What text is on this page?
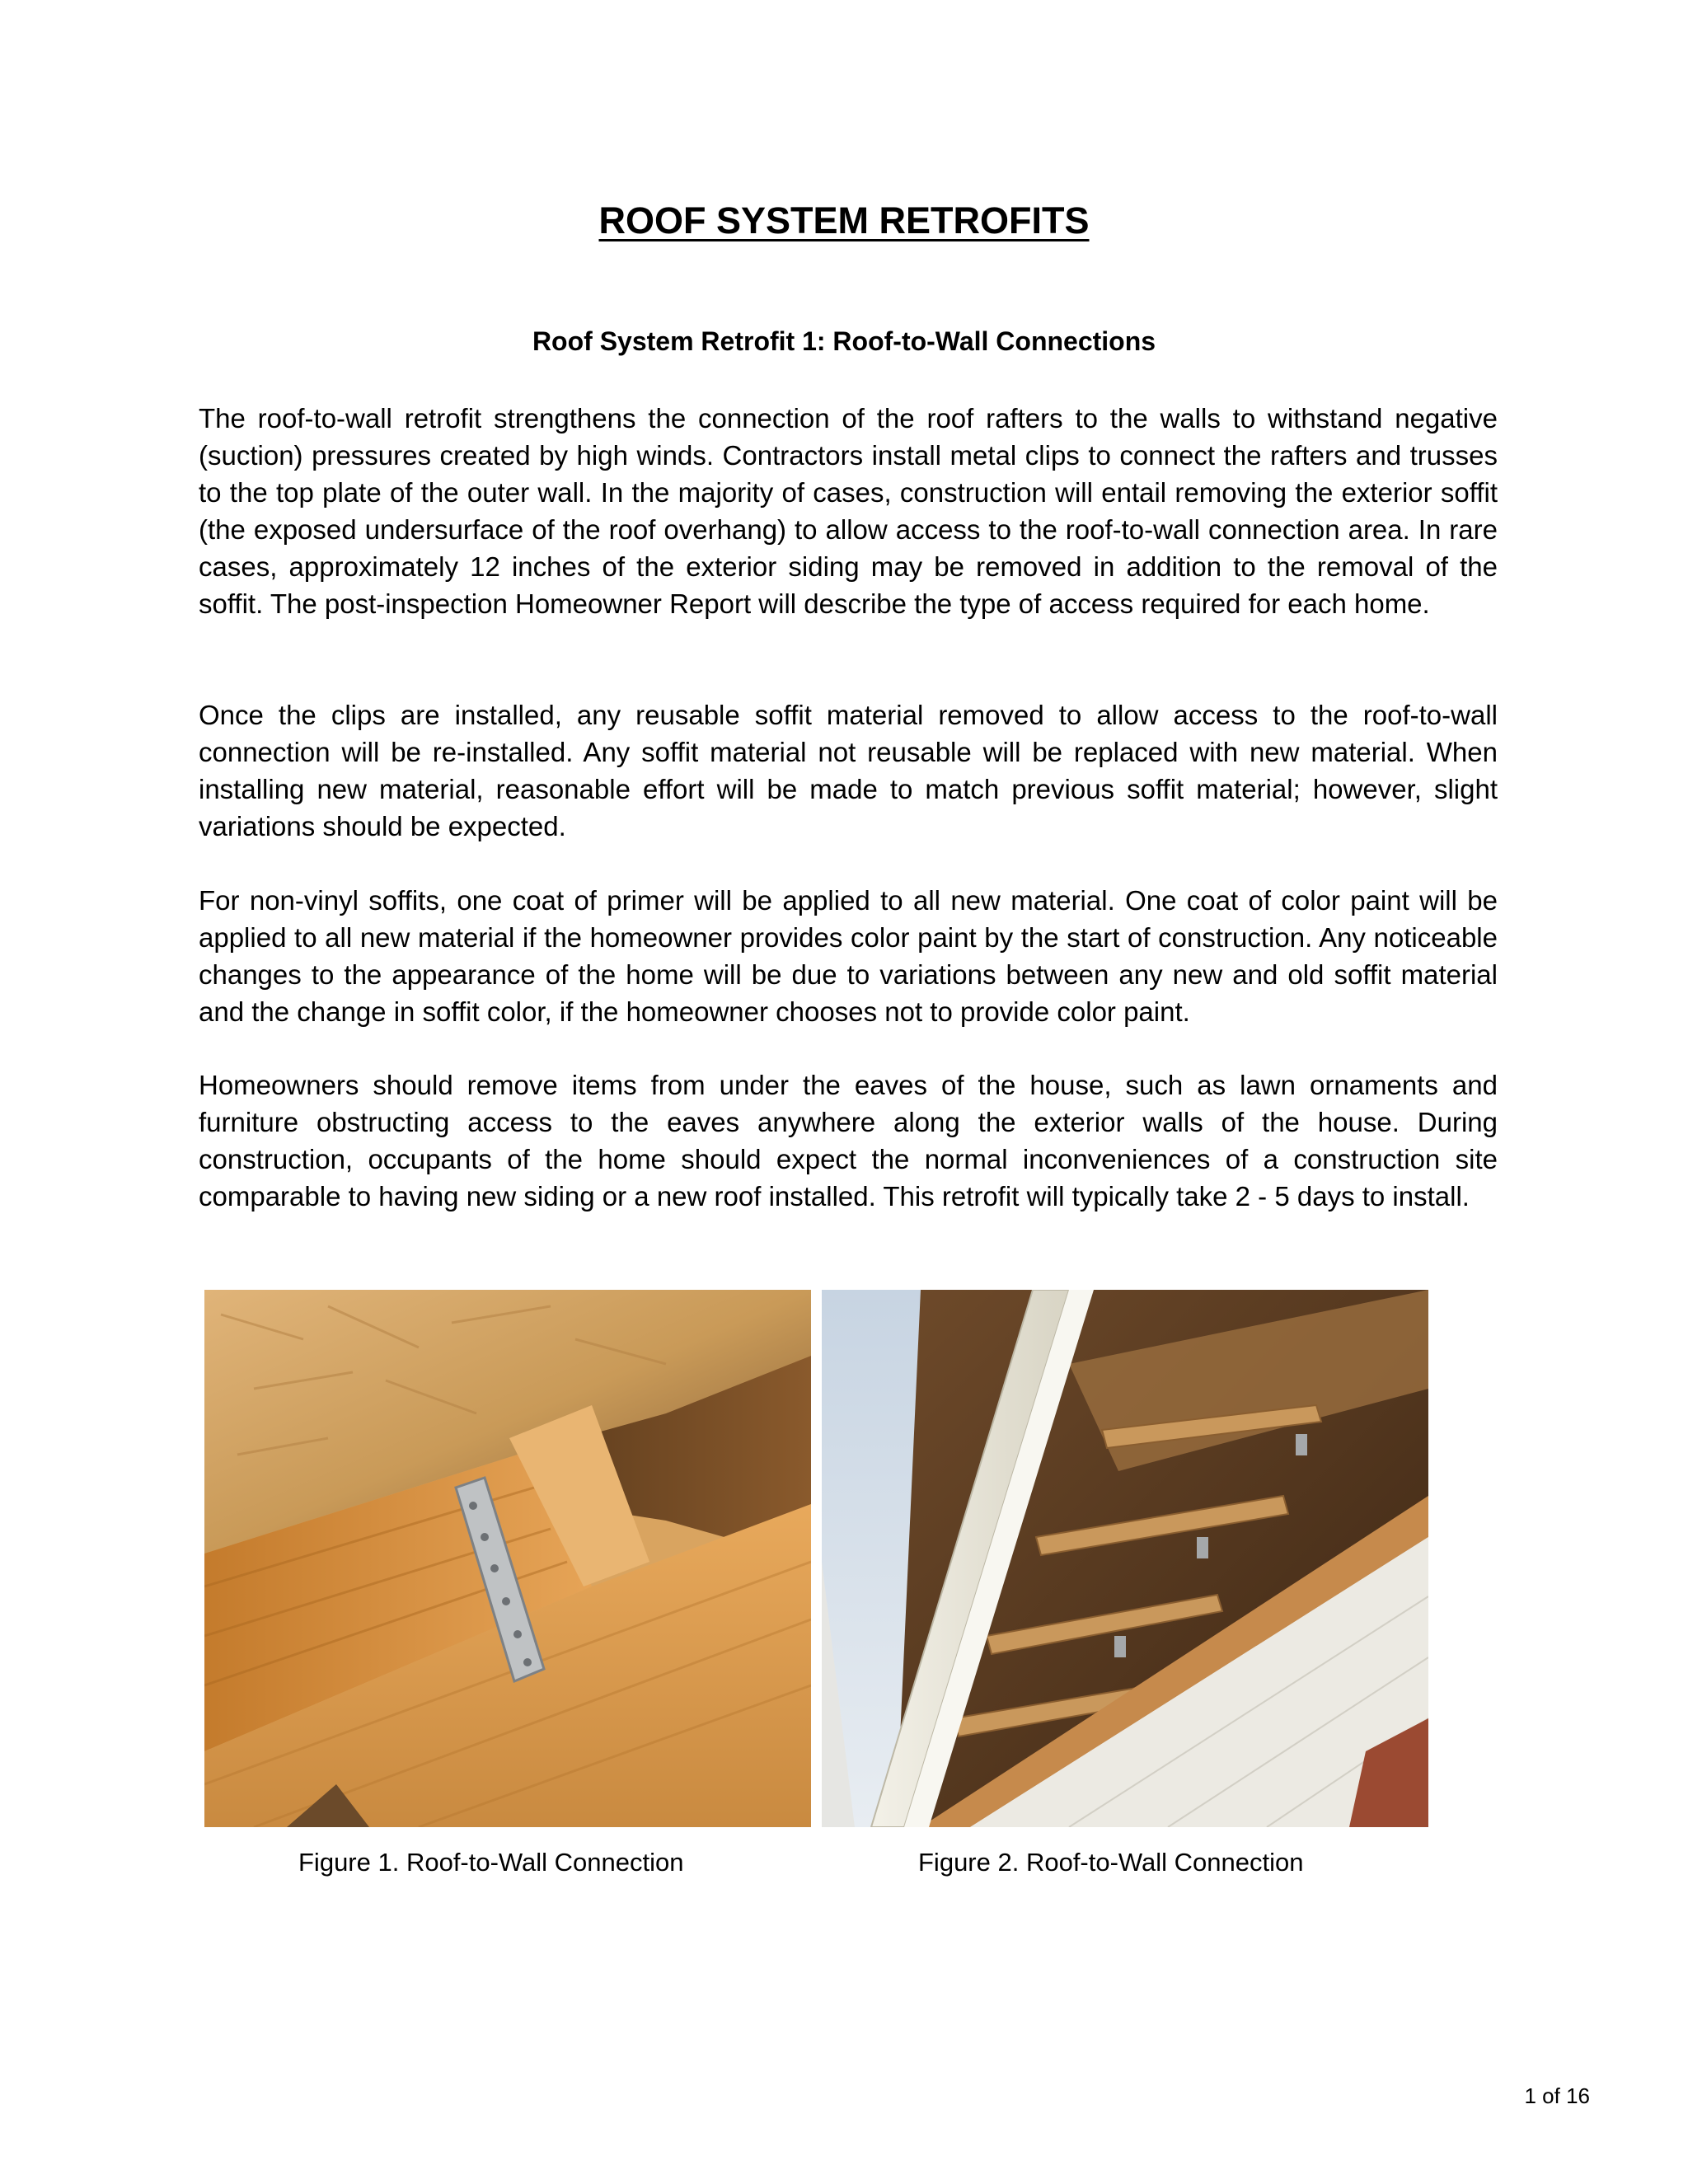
ROOF SYSTEM RETROFITS
Roof System Retrofit 1: Roof-to-Wall Connections

The roof-to-wall retrofit strengthens the connection of the roof rafters to the walls to withstand negative (suction) pressures created by high winds. Contractors install metal clips to connect the rafters and trusses to the top plate of the outer wall. In the majority of cases, construction will entail removing the exterior soffit (the exposed undersurface of the roof overhang) to allow access to the roof-to-wall connection area. In rare cases, approximately 12 inches of the exterior siding may be removed in addition to the removal of the soffit. The post-inspection Homeowner Report will describe the type of access required for each home.

Once the clips are installed, any reusable soffit material removed to allow access to the roof-to-wall connection will be re-installed. Any soffit material not reusable will be replaced with new material. When installing new material, reasonable effort will be made to match previous soffit material; however, slight variations should be expected.

For non-vinyl soffits, one coat of primer will be applied to all new material. One coat of color paint will be applied to all new material if the homeowner provides color paint by the start of construction. Any noticeable changes to the appearance of the home will be due to variations between any new and old soffit material and the change in soffit color, if the homeowner chooses not to provide color paint.

Homeowners should remove items from under the eaves of the house, such as lawn ornaments and furniture obstructing access to the eaves anywhere along the exterior walls of the house. During construction, occupants of the home should expect the normal inconveniences of a construction site comparable to having new siding or a new roof installed. This retrofit will typically take 2 - 5 days to install.

Figure 1. Roof-to-Wall Connection	Figure 2. Roof-to-Wall Connection

1 of 16
